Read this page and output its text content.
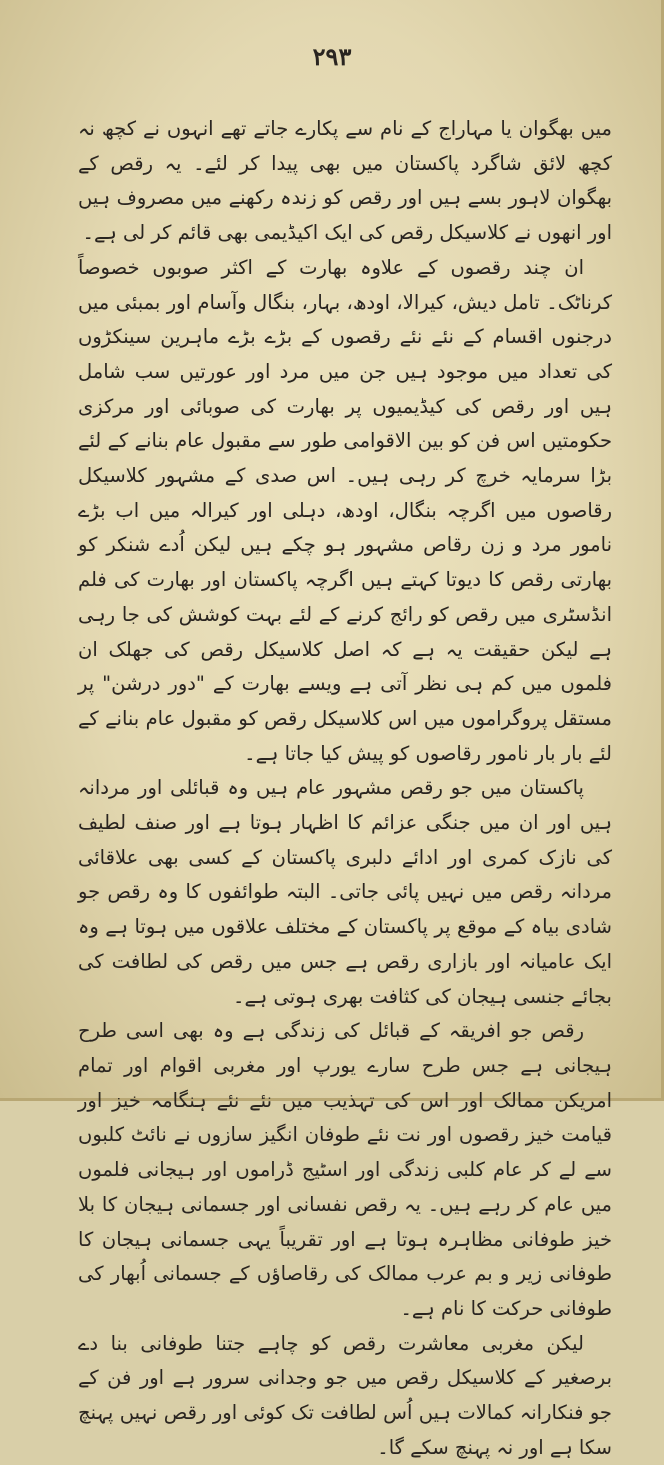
۲۹۳

میں بھگوان یا مہاراج کے نام سے پکارے جاتے تھے انہوں نے کچھ نہ کچھ لائق شاگرد پاکستان میں بھی پیدا کر لئے۔ یہ رقص کے بھگوان لاہور بسے ہیں اور رقص کو زندہ رکھنے میں مصروف ہیں اور انھوں نے کلاسیکل رقص کی ایک اکیڈیمی بھی قائم کر لی ہے۔

ان چند رقصوں کے علاوہ بھارت کے اکثر صوبوں خصوصاً کرناٹک۔ تامل دیش، کیرالا، اودھ، بہار، بنگال وآسام اور بمبئی میں درجنوں اقسام کے نئے نئے رقصوں کے بڑے بڑے ماہرین سینکڑوں کی تعداد میں موجود ہیں جن میں مرد اور عورتیں سب شامل ہیں اور رقص کی کیڈیمیوں پر بھارت کی صوبائی اور مرکزی حکومتیں اس فن کو بین الاقوامی طور سے مقبول عام بنانے کے لئے بڑا سرمایہ خرچ کر رہی ہیں۔ اس صدی کے مشہور کلاسیکل رقاصوں میں اگرچہ بنگال، اودھ، دہلی اور کیرالہ میں اب بڑے نامور مرد و زن رقاص مشہور ہو چکے ہیں لیکن اُدے شنکر کو بھارتی رقص کا دیوتا کہتے ہیں اگرچہ پاکستان اور بھارت کی فلم انڈسٹری میں رقص کو رائج کرنے کے لئے بہت کوشش کی جا رہی ہے لیکن حقیقت یہ ہے کہ اصل کلاسیکل رقص کی جھلک ان فلموں میں کم ہی نظر آتی ہے ویسے بھارت کے "دور درشن" پر مستقل پروگراموں میں اس کلاسیکل رقص کو مقبول عام بنانے کے لئے بار بار نامور رقاصوں کو پیش کیا جاتا ہے۔

پاکستان میں جو رقص مشہور عام ہیں وہ قبائلی اور مردانہ ہیں اور ان میں جنگی عزائم کا اظہار ہوتا ہے اور صنف لطیف کی نازک کمری اور ادائے دلبری پاکستان کے کسی بھی علاقائی مردانہ رقص میں نہیں پائی جاتی۔ البتہ طوائفوں کا وہ رقص جو شادی بیاہ کے موقع پر پاکستان کے مختلف علاقوں میں ہوتا ہے وہ ایک عامیانہ اور بازاری رقص ہے جس میں رقص کی لطافت کی بجائے جنسی ہیجان کی کثافت بھری ہوتی ہے۔

رقص جو افریقہ کے قبائل کی زندگی ہے وہ بھی اسی طرح ہیجانی ہے جس طرح سارے یورپ اور مغربی اقوام اور تمام امریکن ممالک اور اس کی تہذیب میں نئے نئے ہنگامہ خیز اور قیامت خیز رقصوں اور نت نئے طوفان انگیز سازوں نے نائٹ کلبوں سے لے کر عام کلبی زندگی اور اسٹیج ڈراموں اور ہیجانی فلموں میں عام کر رہے ہیں۔ یہ رقص نفسانی اور جسمانی ہیجان کا بلا خیز طوفانی مظاہرہ ہوتا ہے اور تقریباً یہی جسمانی ہیجان کا طوفانی زیر و بم عرب ممالک کی رقاصاؤں کے جسمانی اُبھار کی طوفانی حرکت کا نام ہے۔

لیکن مغربی معاشرت رقص کو چاہے جتنا طوفانی بنا دے برصغیر کے کلاسیکل رقص میں جو وجدانی سرور ہے اور فن کے جو فنکارانہ کمالات ہیں اُس لطافت تک کوئی اور رقص نہیں پہنچ سکا ہے اور نہ پہنچ سکے گا۔
